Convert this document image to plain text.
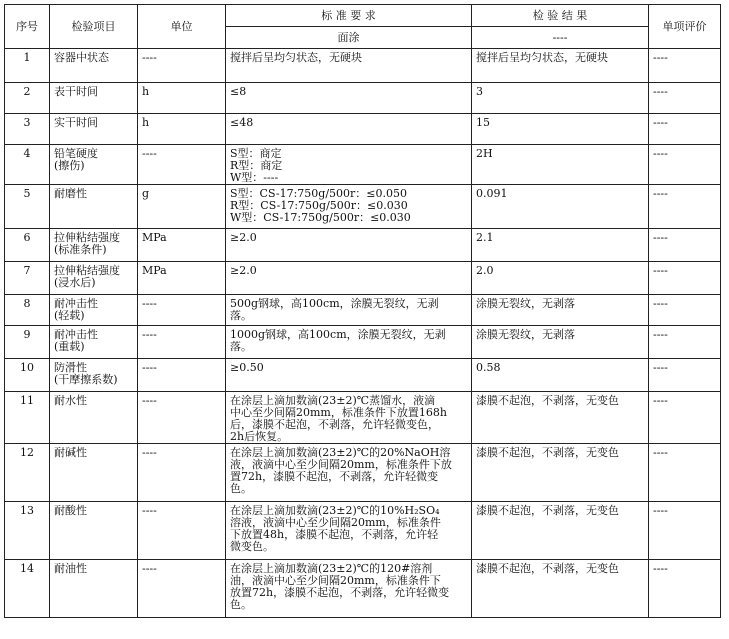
序号	检验项目	单位	标 准 要 求	检 验 结 果	单项评价
			面涂	----	

1	容器中状态	----	搅拌后呈均匀状态，无硬块	搅拌后呈均匀状态，无硬块	----

2	表干时间	h	≤8	3	----

3	实干时间	h	≤48	15	----

4	铅笔硬度
(擦伤)	----	S型：商定
R型：商定
W型：----	2H	----

5	耐磨性	g	S型：CS-17:750g/500r：≤0.050
R型：CS-17:750g/500r：≤0.030
W型：CS-17:750g/500r：≤0.030	0.091	----

6	拉伸粘结强度
(标准条件)	MPa	≥2.0	2.1	----

7	拉伸粘结强度
(浸水后)	MPa	≥2.0	2.0	----

8	耐冲击性
(轻载)	----	500g钢球，高100cm，涂膜无裂纹，无剥
落。	涂膜无裂纹，无剥落	----

9	耐冲击性
(重载)	----	1000g钢球，高100cm，涂膜无裂纹，无剥
落。	涂膜无裂纹，无剥落	----

10	防滑性
(干摩擦系数)	----	≥0.50	0.58	----

11	耐水性	----	在涂层上滴加数滴(23±2)℃蒸馏水，液滴
中心至少间隔20mm，标准条件下放置168h
后，漆膜不起泡，不剥落，允许轻微变色，
2h后恢复。	漆膜不起泡，不剥落，无变色	----

12	耐碱性	----	在涂层上滴加数滴(23±2)℃的20%NaOH溶
液，液滴中心至少间隔20mm，标准条件下放
置72h，漆膜不起泡，不剥落，允许轻微变
色。	漆膜不起泡，不剥落，无变色	----

13	耐酸性	----	在涂层上滴加数滴(23±2)℃的10%H₂SO₄
溶液，液滴中心至少间隔20mm，标准条件
下放置48h，漆膜不起泡，不剥落，允许轻
微变色。	漆膜不起泡，不剥落，无变色	----

14	耐油性	----	在涂层上滴加数滴(23±2)℃的120#溶剂
油，液滴中心至少间隔20mm，标准条件下
放置72h，漆膜不起泡，不剥落，允许轻微变
色。	漆膜不起泡，不剥落，无变色	----
